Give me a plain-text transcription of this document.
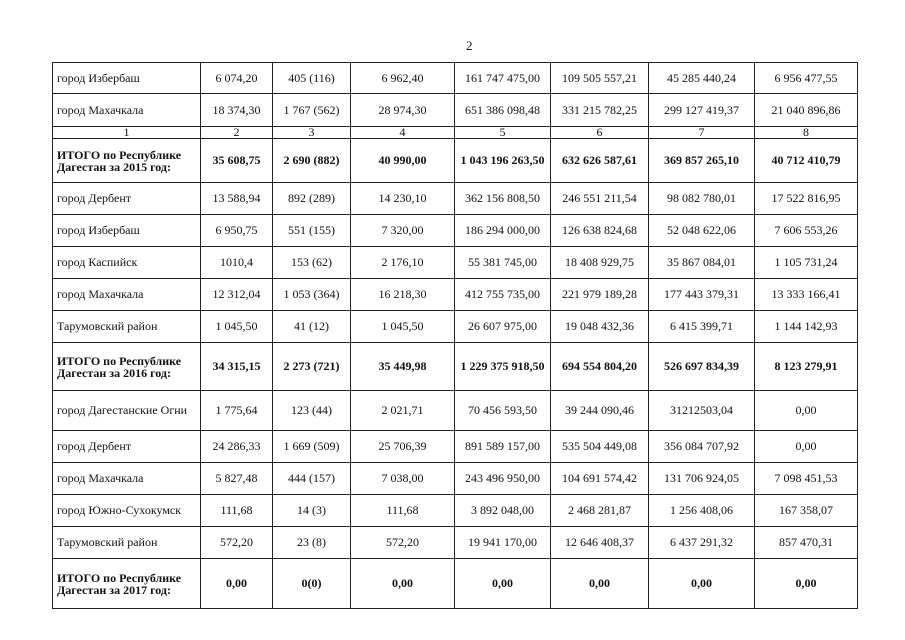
2
город Избербаш	6 074,20	405 (116)	6 962,40	161 747 475,00	109 505 557,21	45 285 440,24	6 956 477,55
город Махачкала	18 374,30	1 767 (562)	28 974,30	651 386 098,48	331 215 782,25	299 127 419,37	21 040 896,86
1	2	3	4	5	6	7	8
ИТОГО по Республике Дагестан за 2015 год:	35 608,75	2 690 (882)	40 990,00	1 043 196 263,50	632 626 587,61	369 857 265,10	40 712 410,79
город Дербент	13 588,94	892 (289)	14 230,10	362 156 808,50	246 551 211,54	98 082 780,01	17 522 816,95
город Избербаш	6 950,75	551 (155)	7 320,00	186 294 000,00	126 638 824,68	52 048 622,06	7 606 553,26
город Каспийск	1010,4	153 (62)	2 176,10	55 381 745,00	18 408 929,75	35 867 084,01	1 105 731,24
город Махачкала	12 312,04	1 053 (364)	16 218,30	412 755 735,00	221 979 189,28	177 443 379,31	13 333 166,41
Тарумовский район	1 045,50	41 (12)	1 045,50	26 607 975,00	19 048 432,36	6 415 399,71	1 144 142,93
ИТОГО по Республике Дагестан за 2016 год:	34 315,15	2 273 (721)	35 449,98	1 229 375 918,50	694 554 804,20	526 697 834,39	8 123 279,91
город Дагестанские Огни	1 775,64	123 (44)	2 021,71	70 456 593,50	39 244 090,46	31212503,04	0,00
город Дербент	24 286,33	1 669 (509)	25 706,39	891 589 157,00	535 504 449,08	356 084 707,92	0,00
город Махачкала	5 827,48	444 (157)	7 038,00	243 496 950,00	104 691 574,42	131 706 924,05	7 098 451,53
город Южно-Сухокумск	111,68	14 (3)	111,68	3 892 048,00	2 468 281,87	1 256 408,06	167 358,07
Тарумовский район	572,20	23 (8)	572,20	19 941 170,00	12 646 408,37	6 437 291,32	857 470,31
ИТОГО по Республике Дагестан за 2017 год:	0,00	0(0)	0,00	0,00	0,00	0,00	0,00
